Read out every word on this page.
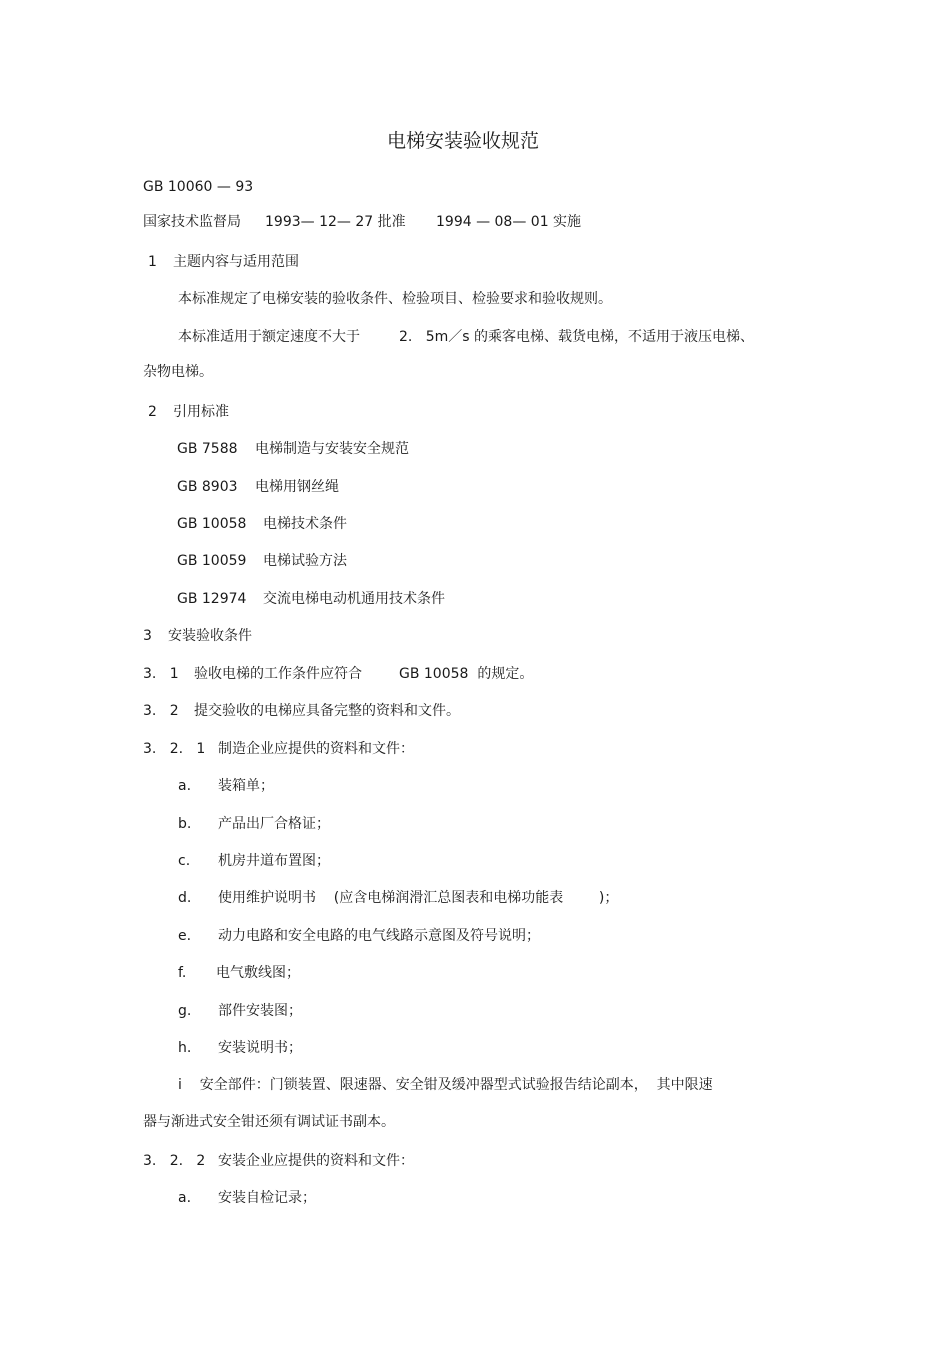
电梯安装验收规范
GB 10060 — 93
国家技术监督局 1993— 12— 27 批准 1994 — 08— 01 实施
1 主题内容与适用范围
本标准规定了电梯安装的验收条件、检验项目、检验要求和验收规则。
本标准适用于额定速度不大于	2.   5m／s 的乘客电梯、载货电梯，不适用于液压电梯、
杂物电梯。
2 引用标准
GB 7588 电梯制造与安装安全规范
GB 8903 电梯用钢丝绳
GB 10058 电梯技术条件
GB 10059 电梯试验方法
GB 12974 交流电梯电动机通用技术条件
3 安装验收条件
3.   1 验收电梯的工作条件应符合	GB 10058  的规定。
3.   2 提交验收的电梯应具备完整的资料和文件。
3.   2.   1 制造企业应提供的资料和文件：
a. 装箱单；
b. 产品出厂合格证；
c. 机房井道布置图；
d. 使用维护说明书    (应含电梯润滑汇总图表和电梯功能表        )；
e. 动力电路和安全电路的电气线路示意图及符号说明；
f. 电气敷线图；
g. 部件安装图；
h. 安装说明书；
i    安全部件：门锁装置、限速器、安全钳及缓冲器型式试验报告结论副本，  其中限速
器与渐进式安全钳还须有调试证书副本。
3.   2.   2 安装企业应提供的资料和文件：
a. 安装自检记录；
